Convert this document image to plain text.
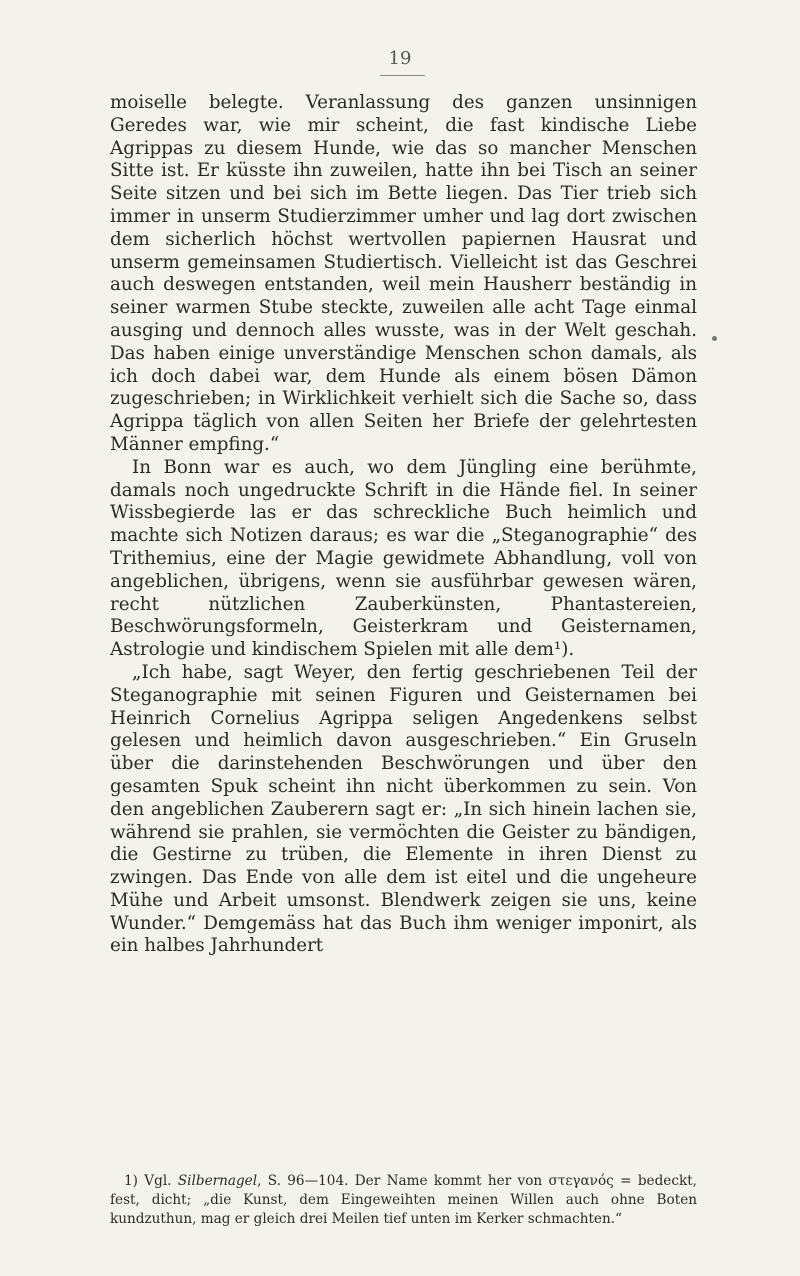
19

moiselle belegte. Veranlassung des ganzen unsinnigen Geredes war, wie mir scheint, die fast kindische Liebe Agrippas zu diesem Hunde, wie das so mancher Menschen Sitte ist. Er küsste ihn zuweilen, hatte ihn bei Tisch an seiner Seite sitzen und bei sich im Bette liegen. Das Tier trieb sich immer in unserm Studierzimmer umher und lag dort zwischen dem sicherlich höchst wertvollen papiernen Hausrat und unserm gemeinsamen Studiertisch. Vielleicht ist das Geschrei auch deswegen entstanden, weil mein Hausherr beständig in seiner warmen Stube steckte, zuweilen alle acht Tage einmal ausging und dennoch alles wusste, was in der Welt geschah. Das haben einige unverständige Menschen schon damals, als ich doch dabei war, dem Hunde als einem bösen Dämon zugeschrieben; in Wirklichkeit verhielt sich die Sache so, dass Agrippa täglich von allen Seiten her Briefe der gelehrtesten Männer empfing.“

In Bonn war es auch, wo dem Jüngling eine berühmte, damals noch ungedruckte Schrift in die Hände fiel. In seiner Wissbegierde las er das schreckliche Buch heimlich und machte sich Notizen daraus; es war die „Steganographie“ des Trithemius, eine der Magie gewidmete Abhandlung, voll von angeblichen, übrigens, wenn sie ausführbar gewesen wären, recht nützlichen Zauberkünsten, Phantastereien, Beschwörungsformeln, Geisterkram und Geisternamen, Astrologie und kindischem Spielen mit alle dem¹).

„Ich habe, sagt Weyer, den fertig geschriebenen Teil der Steganographie mit seinen Figuren und Geisternamen bei Heinrich Cornelius Agrippa seligen Angedenkens selbst gelesen und heimlich davon ausgeschrieben.“ Ein Gruseln über die darinstehenden Beschwörungen und über den gesamten Spuk scheint ihn nicht überkommen zu sein. Von den angeblichen Zauberern sagt er: „In sich hinein lachen sie, während sie prahlen, sie vermöchten die Geister zu bändigen, die Gestirne zu trüben, die Elemente in ihren Dienst zu zwingen. Das Ende von alle dem ist eitel und die ungeheure Mühe und Arbeit umsonst. Blendwerk zeigen sie uns, keine Wunder.“ Demgemäss hat das Buch ihm weniger imponirt, als ein halbes Jahrhundert

1) Vgl. Silbernagel, S. 96—104. Der Name kommt her von στεγανός = bedeckt, fest, dicht; „die Kunst, dem Eingeweihten meinen Willen auch ohne Boten kundzuthun, mag er gleich drei Meilen tief unten im Kerker schmachten.“
